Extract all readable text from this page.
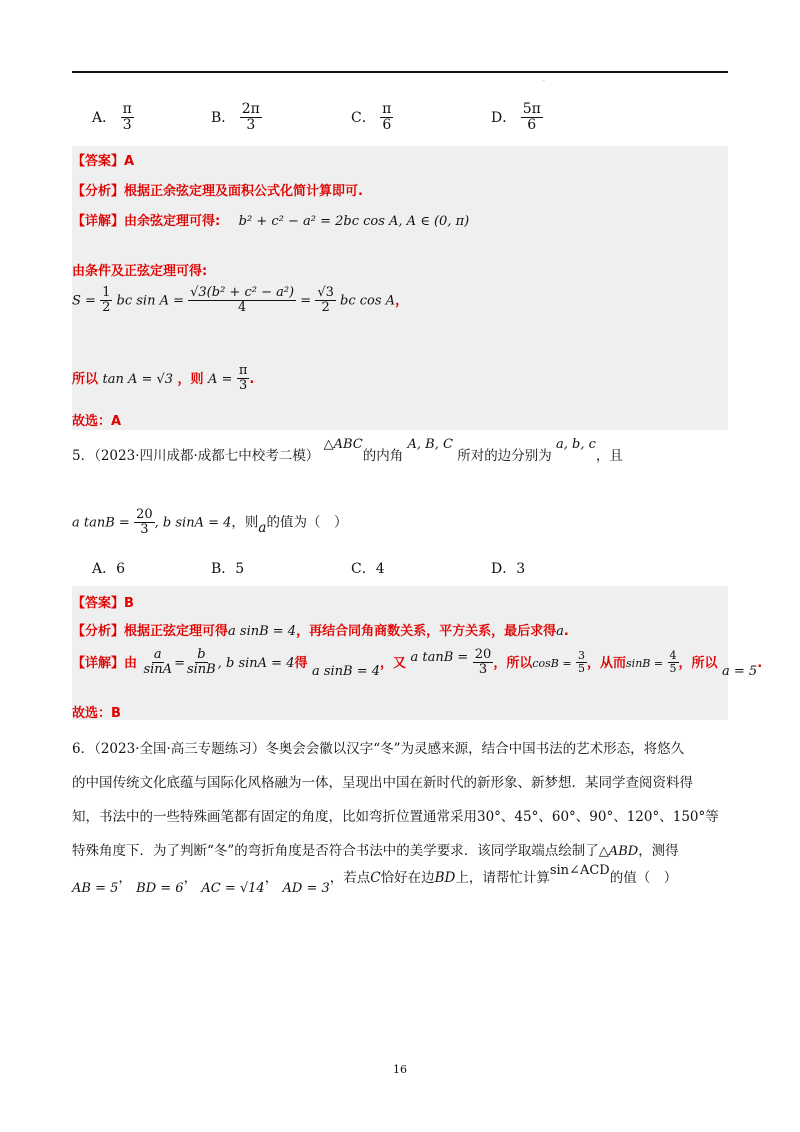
·
A． $\frac{\pi}{3}$	B． $\frac{2\pi}{3}$	C． $\frac{\pi}{6}$	D． $\frac{5\pi}{6}$
【答案】A
【分析】根据正余弦定理及面积公式化简计算即可.
【详解】由余弦定理可得: b² + c² − a² = 2bc cos A, A ∈ (0, π)
由条件及正弦定理可得:
$S = \frac{1}{2}$ bc $\sin A = \frac{\text{√3(b² + c² − a²)}}{4} = \frac{√3}{2}$ bc cos A，
所以 tan A = √3 ，则 $A = \frac{\pi}{3}$ .
故选：A
5．（2023·四川成都·成都七中校考二模） △ABC的内角 A, B, C 所对的边分别为 a, b, c，且
a $\tan B = \frac{20}{3}$ , b sinA = 4，则a的值为（　）
A．6	B．5	C．4	D．3
【答案】B
【分析】根据正弦定理可得a sinB = 4，再结合同角商数关系，平方关系，最后求得a.
【详解】由 $\frac{a}{\sin A} = \frac{b}{\sin B}$ , b sinA = 4得 a sinB = 4，又 a $\tan B = \frac{20}{3}$ ，所以$\cos B = \frac{3}{5}$ ，从而$\sin B = \frac{4}{5}$ ，所以 a = 5.
故选：B
6．（2023·全国·高三专题练习）冬奥会会徽以汉字“冬”为灵感来源，结合中国书法的艺术形态，将悠久
的中国传统文化底蕴与国际化风格融为一体，呈现出中国在新时代的新形象、新梦想．某同学查阅资料得
知，书法中的一些特殊画笔都有固定的角度，比如弯折位置通常采用30°、45°、60°、90°、120°、150°等
特殊角度下．为了判断“冬”的弯折角度是否符合书法中的美学要求．该同学取端点绘制了△ABD，测得
AB = 5， BD = 6， AC = √14， AD = 3，若点C恰好在边BD上，请帮忙计算sin∠ACD的值（　）
16
